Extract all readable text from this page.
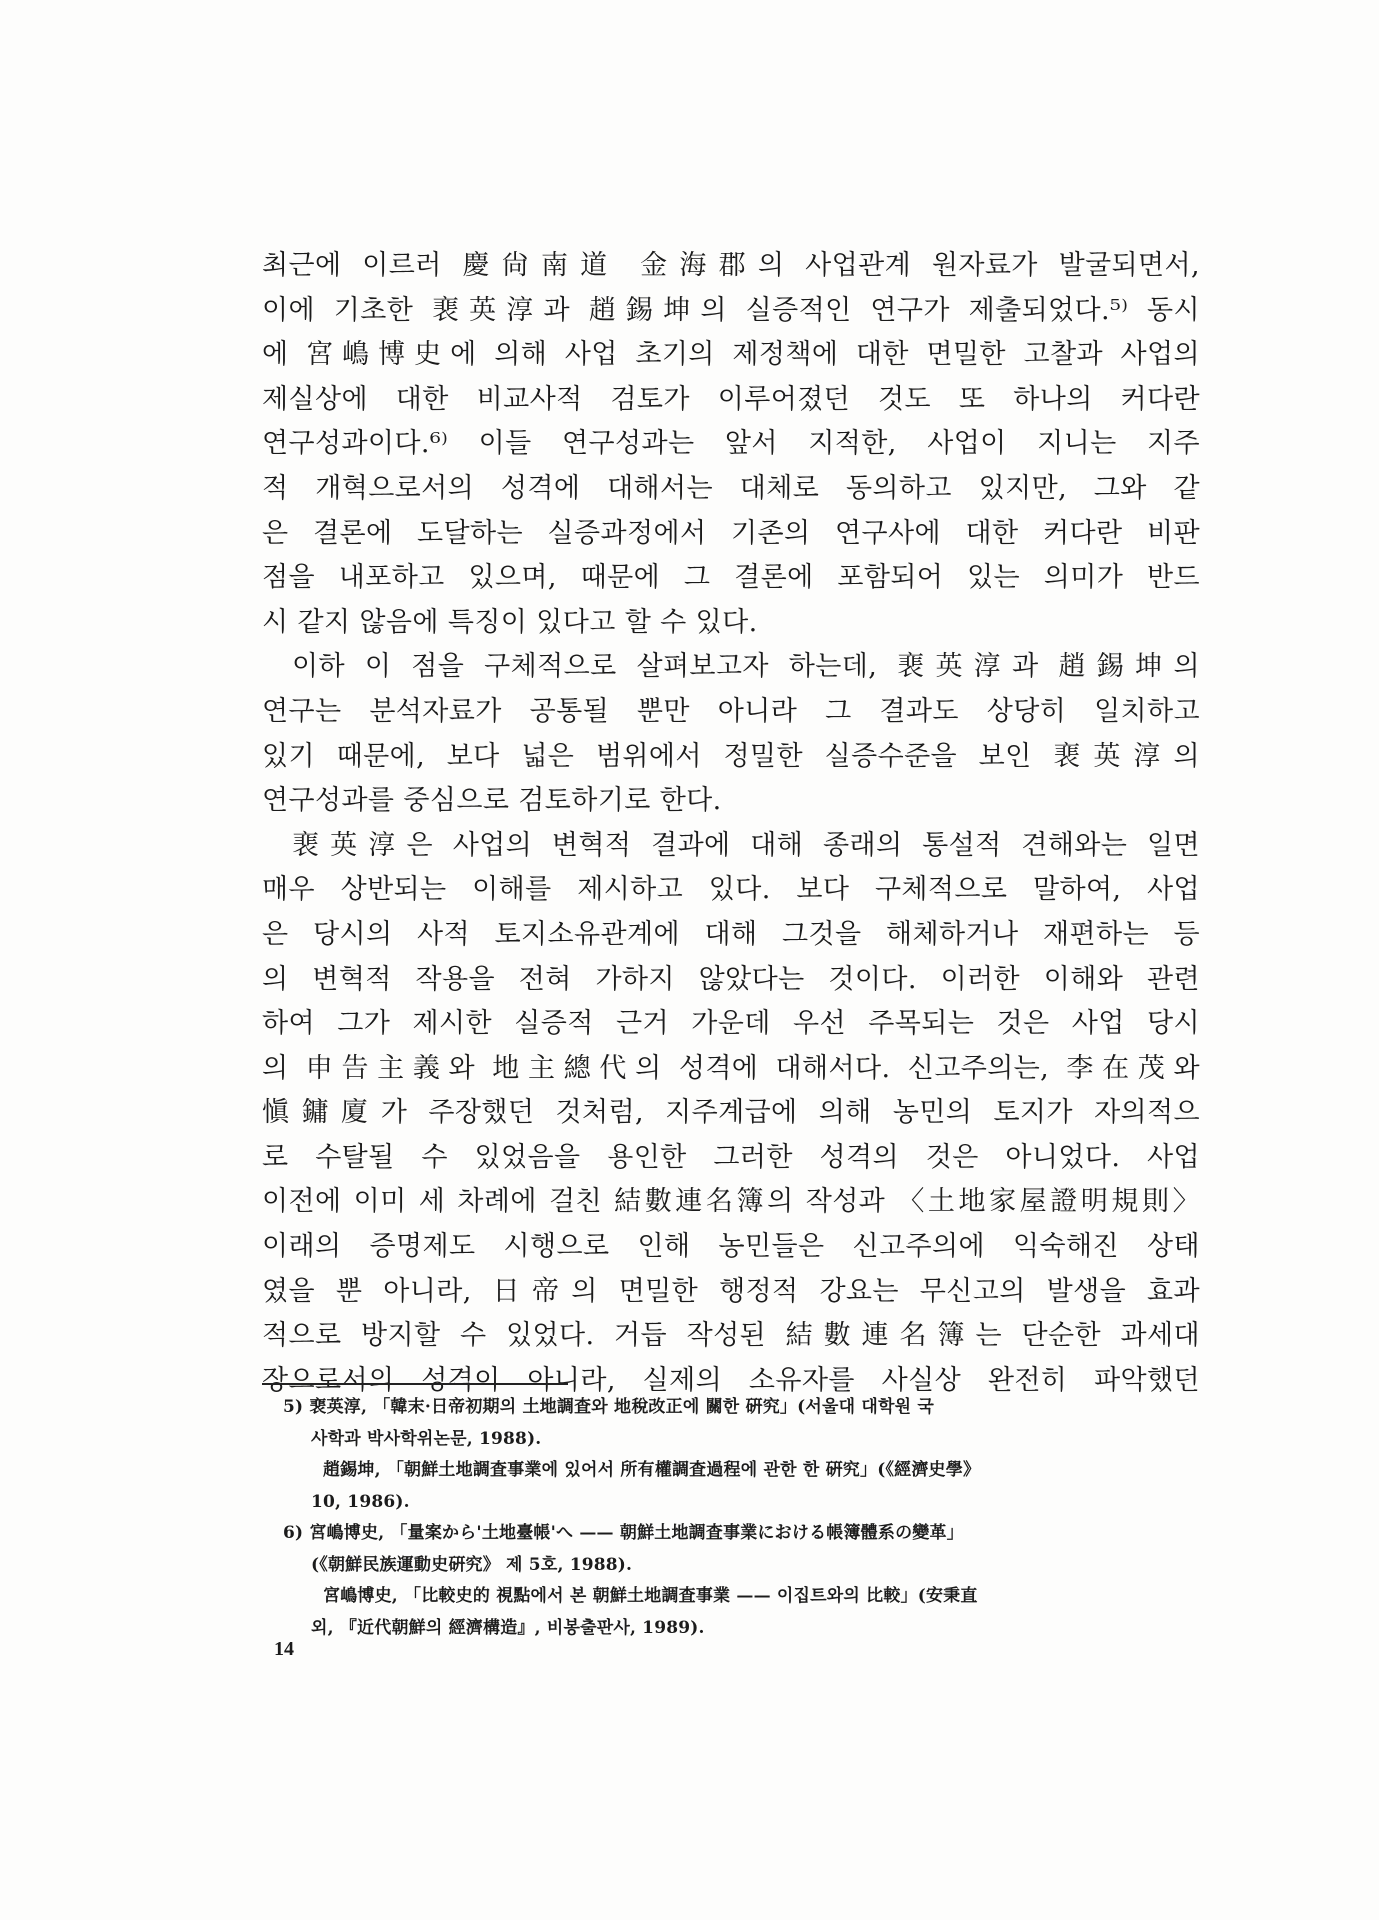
최근에 이르러 慶尙南道 金海郡의 사업관계 원자료가 발굴되면서,
이에 기초한 裵英淳과 趙錫坤의 실증적인 연구가 제출되었다.⁵⁾ 동시
에 宮嶋博史에 의해 사업 초기의 제정책에 대한 면밀한 고찰과 사업의
제실상에 대한 비교사적 검토가 이루어졌던 것도 또 하나의 커다란
연구성과이다.⁶⁾ 이들 연구성과는 앞서 지적한, 사업이 지니는 지주
적 개혁으로서의 성격에 대해서는 대체로 동의하고 있지만, 그와 같
은 결론에 도달하는 실증과정에서 기존의 연구사에 대한 커다란 비판
점을 내포하고 있으며, 때문에 그 결론에 포함되어 있는 의미가 반드
시 같지 않음에 특징이 있다고 할 수 있다.
이하 이 점을 구체적으로 살펴보고자 하는데, 裵英淳과 趙錫坤의
연구는 분석자료가 공통될 뿐만 아니라 그 결과도 상당히 일치하고
있기 때문에, 보다 넓은 범위에서 정밀한 실증수준을 보인 裵英淳의
연구성과를 중심으로 검토하기로 한다.
裵英淳은 사업의 변혁적 결과에 대해 종래의 통설적 견해와는 일면
매우 상반되는 이해를 제시하고 있다. 보다 구체적으로 말하여, 사업
은 당시의 사적 토지소유관계에 대해 그것을 해체하거나 재편하는 등
의 변혁적 작용을 전혀 가하지 않았다는 것이다. 이러한 이해와 관련
하여 그가 제시한 실증적 근거 가운데 우선 주목되는 것은 사업 당시
의 申告主義와 地主總代의 성격에 대해서다. 신고주의는, 李在茂와
愼鏞廈가 주장했던 것처럼, 지주계급에 의해 농민의 토지가 자의적으
로 수탈될 수 있었음을 용인한 그러한 성격의 것은 아니었다. 사업
이전에 이미 세 차례에 걸친 結數連名簿의 작성과 〈土地家屋證明規則〉
이래의 증명제도 시행으로 인해 농민들은 신고주의에 익숙해진 상태
였을 뿐 아니라, 日帝의 면밀한 행정적 강요는 무신고의 발생을 효과
적으로 방지할 수 있었다. 거듭 작성된 結數連名簿는 단순한 과세대
장으로서의 성격이 아니라, 실제의 소유자를 사실상 완전히 파악했던
5) 裵英淳, 「韓末·日帝初期의 土地調査와 地稅改正에 關한 硏究」(서울대 대학원 국
사학과 박사학위논문, 1988).
趙錫坤, 「朝鮮土地調査事業에 있어서 所有權調査過程에 관한 한 硏究」(《經濟史學》
10, 1986).
6) 宮嶋博史, 「量案から'土地臺帳'へ —— 朝鮮土地調査事業における帳簿體系の變革」
(《朝鮮民族運動史硏究》 제 5호, 1988).
宮嶋博史, 「比較史的 視點에서 본 朝鮮土地調査事業 —— 이집트와의 比較」(安秉直
외, 『近代朝鮮의 經濟構造』, 비봉출판사, 1989).
14
